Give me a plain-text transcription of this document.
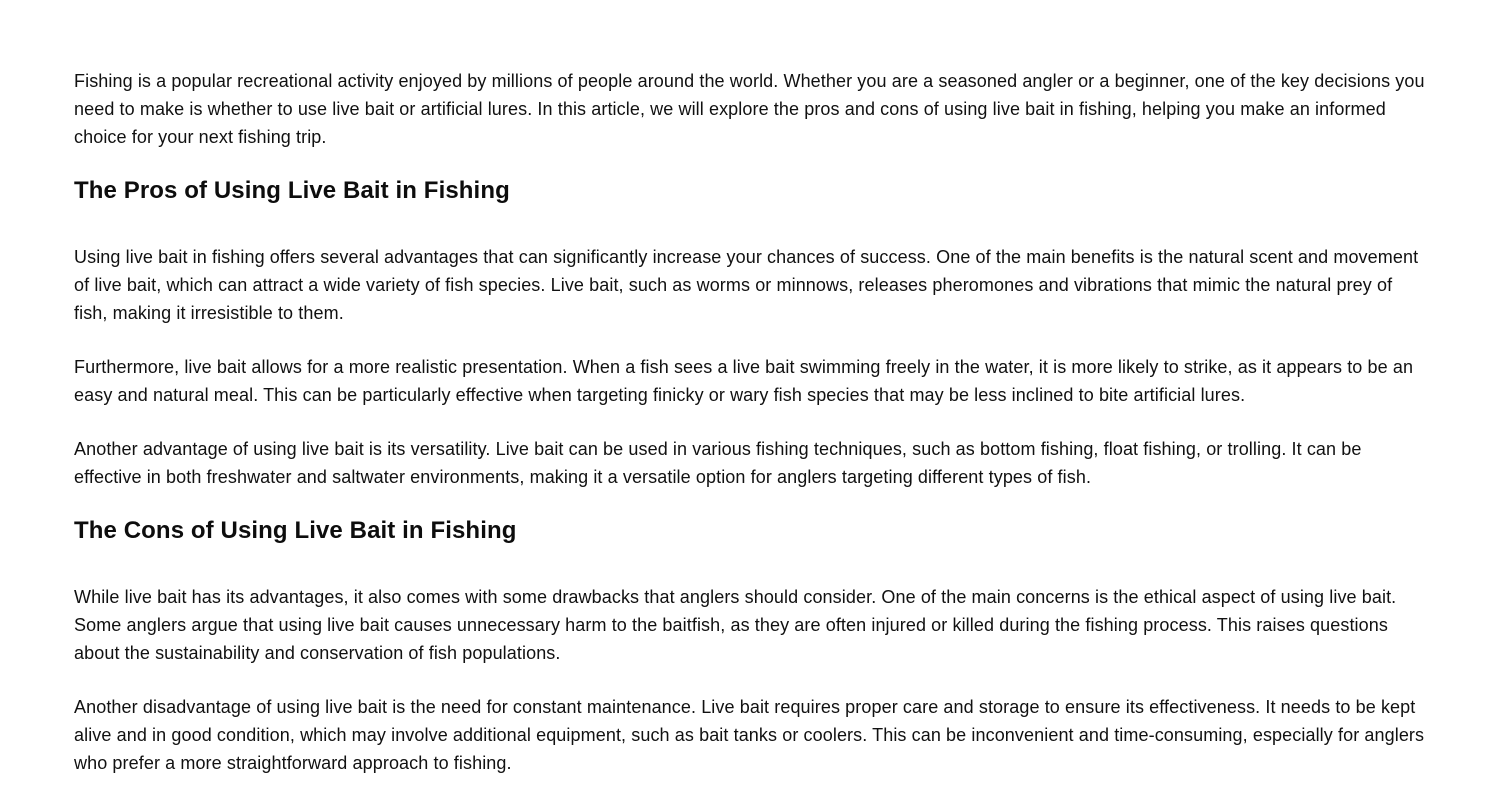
Fishing is a popular recreational activity enjoyed by millions of people around the world. Whether you are a seasoned angler or a beginner, one of the key decisions you need to make is whether to use live bait or artificial lures. In this article, we will explore the pros and cons of using live bait in fishing, helping you make an informed choice for your next fishing trip.

The Pros of Using Live Bait in Fishing

Using live bait in fishing offers several advantages that can significantly increase your chances of success. One of the main benefits is the natural scent and movement of live bait, which can attract a wide variety of fish species. Live bait, such as worms or minnows, releases pheromones and vibrations that mimic the natural prey of fish, making it irresistible to them.

Furthermore, live bait allows for a more realistic presentation. When a fish sees a live bait swimming freely in the water, it is more likely to strike, as it appears to be an easy and natural meal. This can be particularly effective when targeting finicky or wary fish species that may be less inclined to bite artificial lures.

Another advantage of using live bait is its versatility. Live bait can be used in various fishing techniques, such as bottom fishing, float fishing, or trolling. It can be effective in both freshwater and saltwater environments, making it a versatile option for anglers targeting different types of fish.

The Cons of Using Live Bait in Fishing

While live bait has its advantages, it also comes with some drawbacks that anglers should consider. One of the main concerns is the ethical aspect of using live bait. Some anglers argue that using live bait causes unnecessary harm to the baitfish, as they are often injured or killed during the fishing process. This raises questions about the sustainability and conservation of fish populations.

Another disadvantage of using live bait is the need for constant maintenance. Live bait requires proper care and storage to ensure its effectiveness. It needs to be kept alive and in good condition, which may involve additional equipment, such as bait tanks or coolers. This can be inconvenient and time-consuming, especially for anglers who prefer a more straightforward approach to fishing.
